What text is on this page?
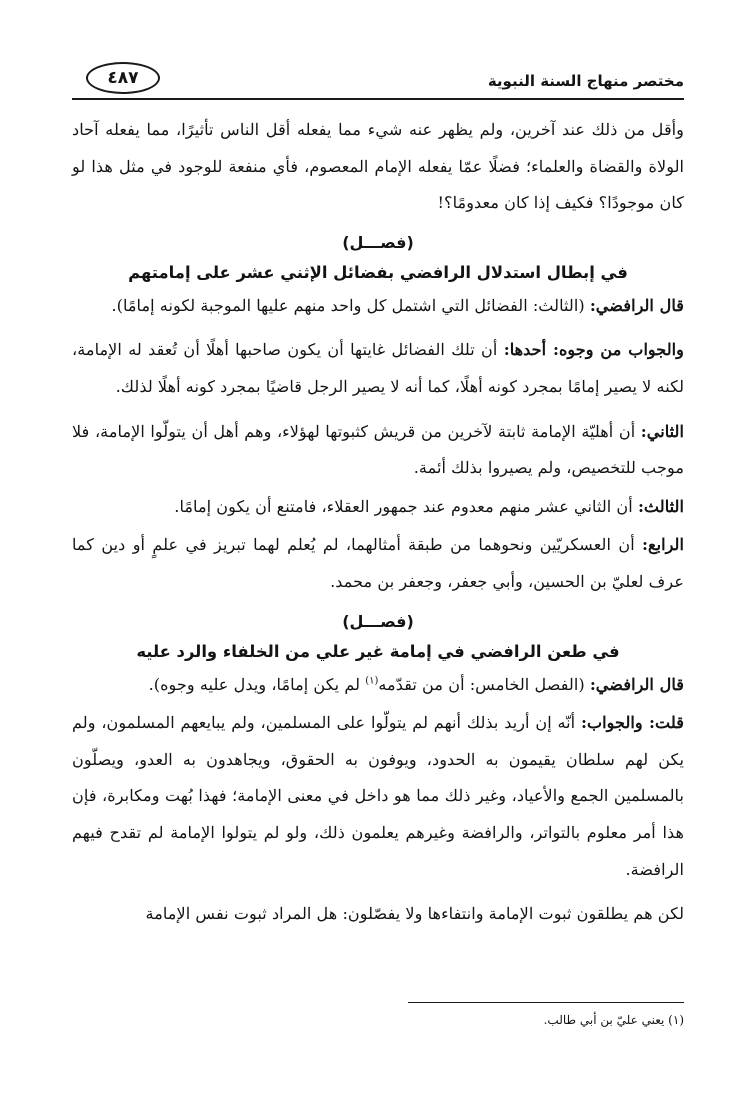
مختصر منهاج السنة النبوية
٤٨٧

وأقل من ذلك عند آخرين، ولم يظهر عنه شيء مما يفعله أقل الناس تأثيرًا، مما يفعله آحاد الولاة والقضاة والعلماء؛ فضلًا عمّا يفعله الإمام المعصوم، فأي منفعة للوجود في مثل هذا لو كان موجودًا؟ فكيف إذا كان معدومًا؟!

(فصـــل)
في إبطال استدلال الرافضي بفضائل الإثني عشر على إمامتهم

قال الرافضي: (الثالث: الفضائل التي اشتمل كل واحد منهم عليها الموجبة لكونه إمامًا).

والجواب من وجوه: أحدها: أن تلك الفضائل غايتها أن يكون صاحبها أهلًا أن تُعقد له الإمامة، لكنه لا يصير إمامًا بمجرد كونه أهلًا، كما أنه لا يصير الرجل قاضيًا بمجرد كونه أهلًا لذلك.

الثاني: أن أهليّة الإمامة ثابتة لآخرين من قريش كثبوتها لهؤلاء، وهم أهل أن يتولّوا الإمامة، فلا موجب للتخصيص، ولم يصيروا بذلك أئمة.

الثالث: أن الثاني عشر منهم معدوم عند جمهور العقلاء، فامتنع أن يكون إمامًا.

الرابع: أن العسكريّين ونحوهما من طبقة أمثالهما، لم يُعلم لهما تبريز في علمٍ أو دين كما عرف لعليّ بن الحسين، وأبي جعفر، وجعفر بن محمد.

(فصـــل)
في طعن الرافضي في إمامة غير علي من الخلفاء والرد عليه

قال الرافضي: (الفصل الخامس: أن من تقدّمه$^{(١)}$ لم يكن إمامًا، ويدل عليه وجوه).

قلت: والجواب: أنّه إن أريد بذلك أنهم لم يتولّوا على المسلمين، ولم يبايعهم المسلمون، ولم يكن لهم سلطان يقيمون به الحدود، ويوفون به الحقوق، ويجاهدون به العدو، ويصلّون بالمسلمين الجمع والأعياد، وغير ذلك مما هو داخل في معنى الإمامة؛ فهذا بُهت ومكابرة، فإن هذا أمر معلوم بالتواتر، والرافضة وغيرهم يعلمون ذلك، ولو لم يتولوا الإمامة لم تقدح فيهم الرافضة.

لكن هم يطلقون ثبوت الإمامة وانتفاءها ولا يفصّلون: هل المراد ثبوت نفس الإمامة

(١) يعني عليّ بن أبي طالب.
